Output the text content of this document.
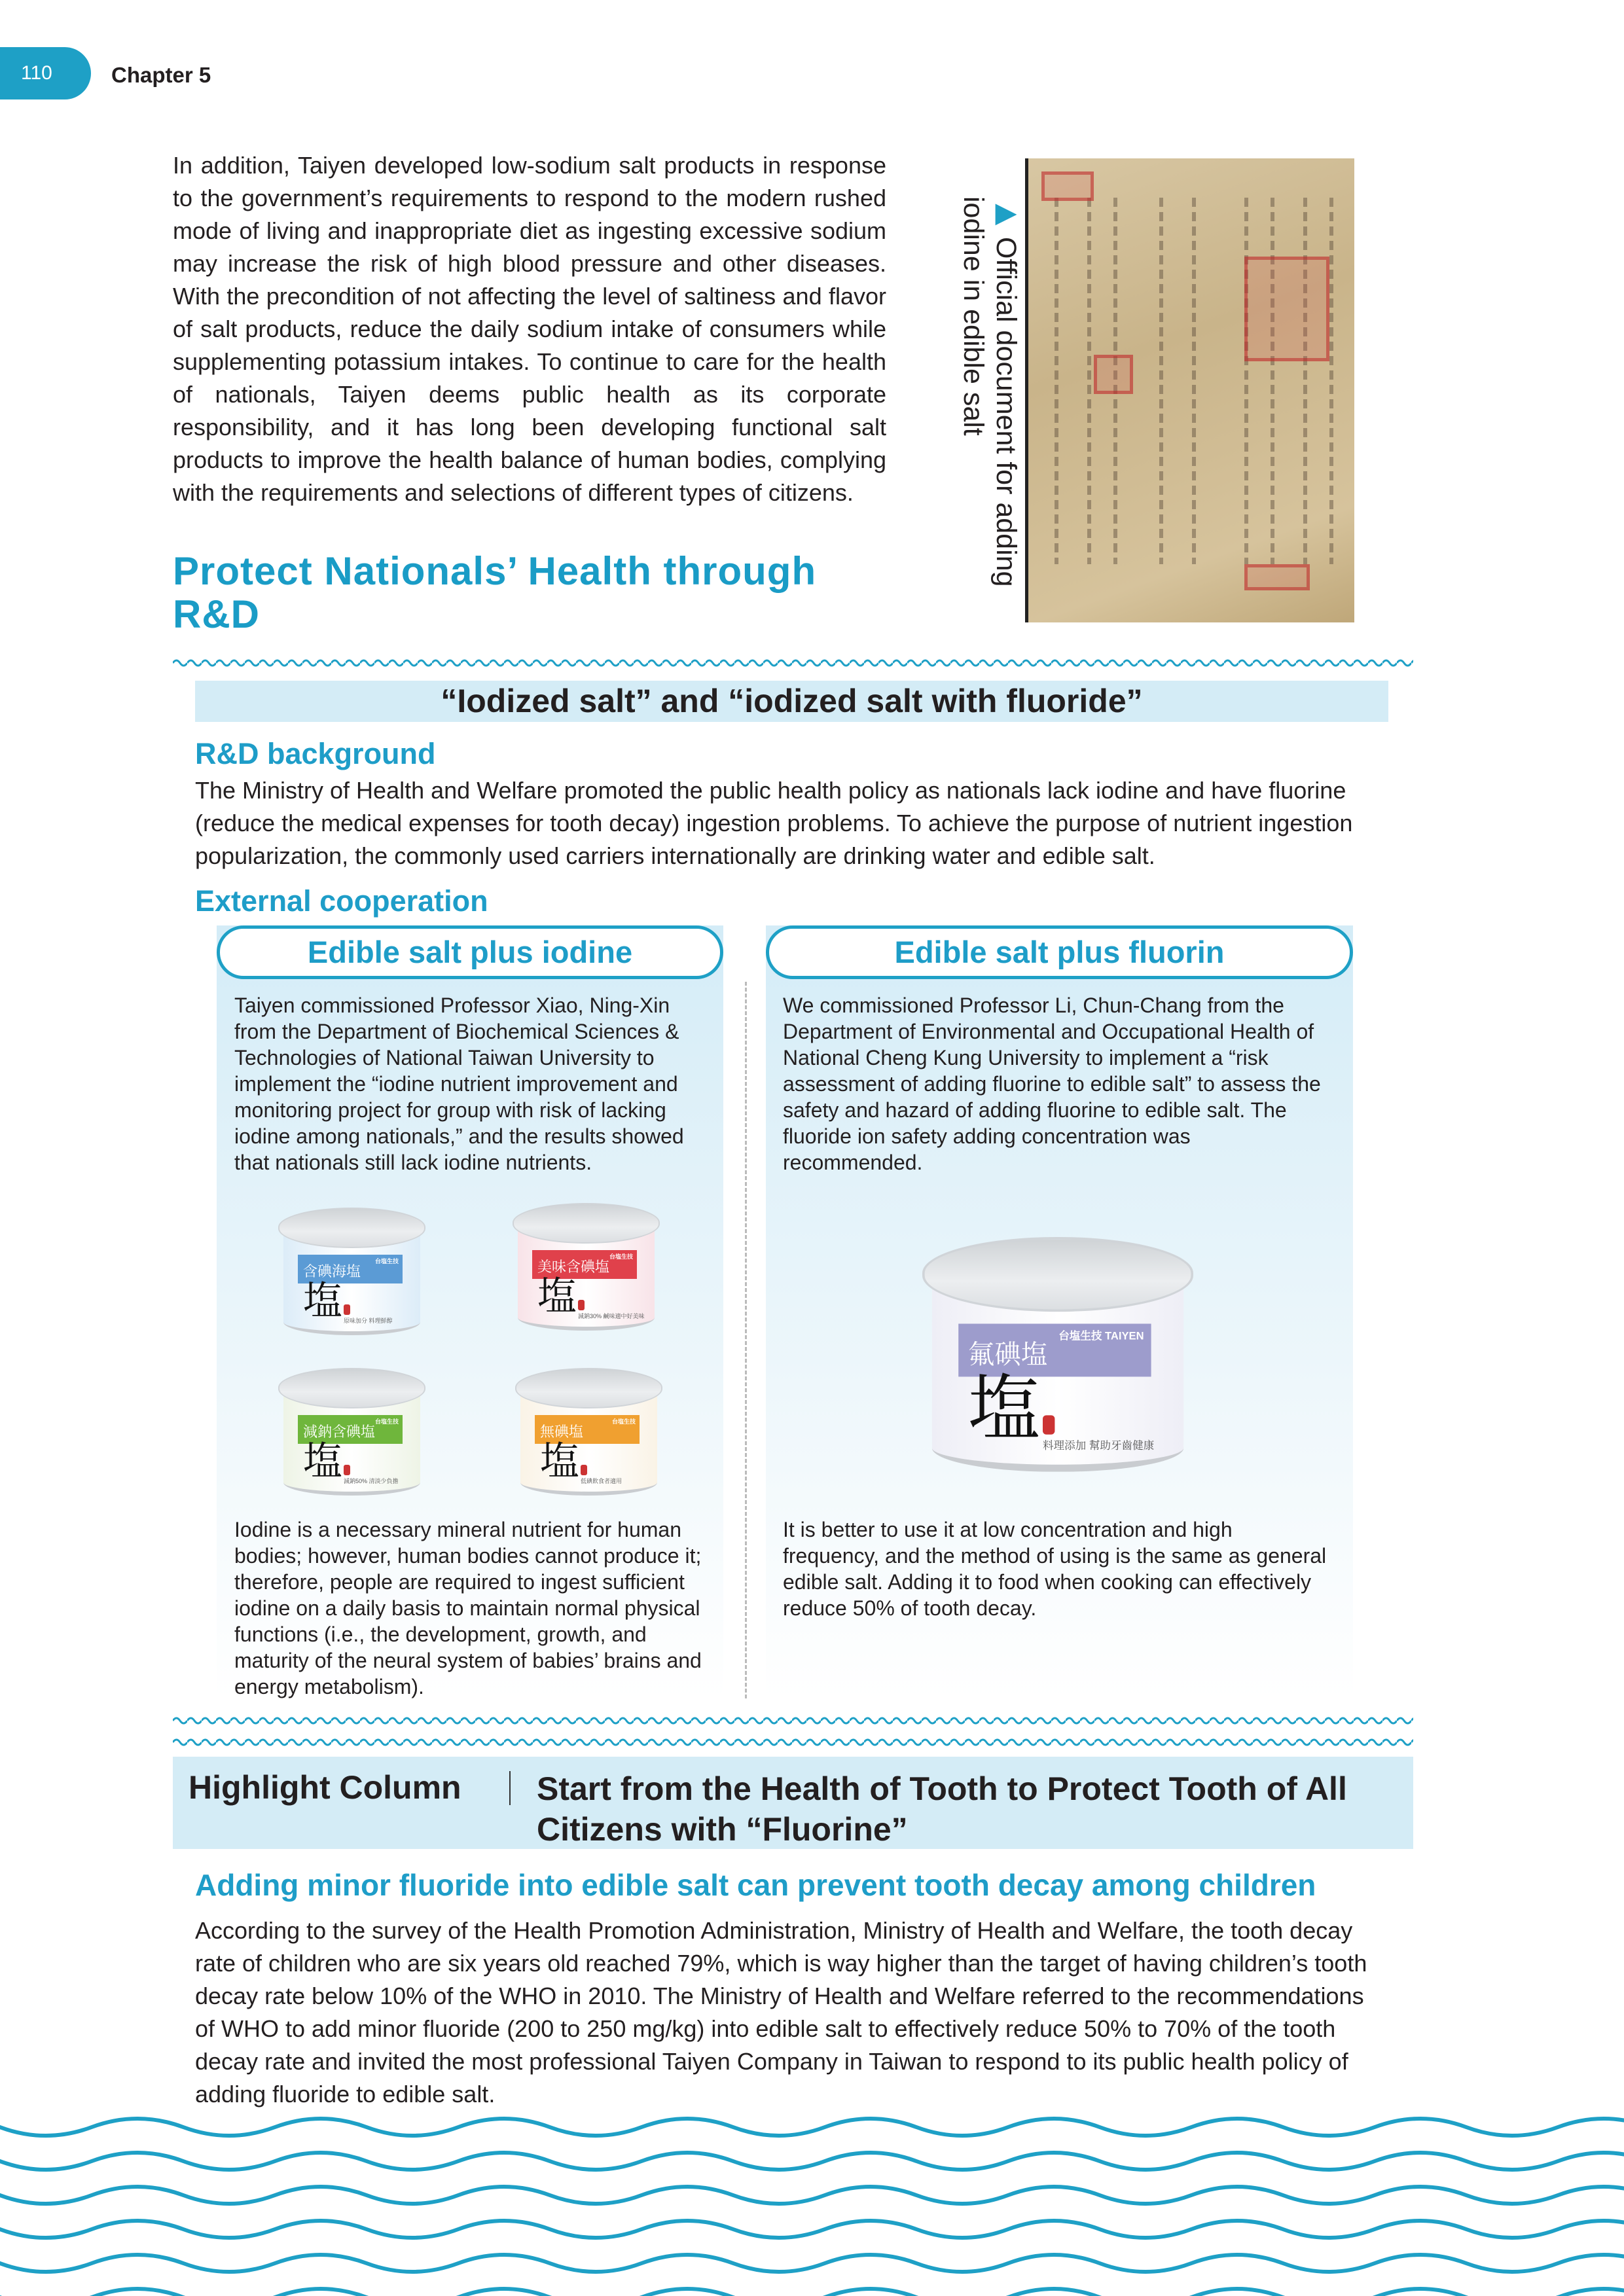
110	Chapter 5

In addition, Taiyen developed low-sodium salt products in response to the government’s requirements to respond to the modern rushed mode of living and inappropriate diet as ingesting excessive sodium may increase the risk of high blood pressure and other diseases. With the precondition of not affecting the level of saltiness and flavor of salt products, reduce the daily sodium intake of consumers while supplementing potassium intakes. To continue to care for the health of nationals, Taiyen deems public health as its corporate responsibility, and it has long been developing functional salt products to improve the health balance of human bodies, complying with the requirements and selections of different types of citizens.

Protect Nationals’ Health through R&D
▶ Official document for adding iodine in edible salt
“Iodized salt” and “iodized salt with fluoride”
R&D background

The Ministry of Health and Welfare promoted the public health policy as nationals lack iodine and have fluorine (reduce the medical expenses for tooth decay) ingestion problems. To achieve the purpose of nutrient ingestion popularization, the commonly used carriers internationally are drinking water and edible salt.

External cooperation
Edible salt plus iodine	Edible salt plus fluorin

Taiyen commissioned Professor Xiao, Ning-Xin from the Department of Biochemical Sciences & Technologies of National Taiwan University to implement the “iodine nutrient improvement and monitoring project for group with risk of lacking iodine among nationals,” and the results showed that nationals still lack iodine nutrients.

Iodine is a necessary mineral nutrient for human bodies; however, human bodies cannot produce it; therefore, people are required to ingest sufficient iodine on a daily basis to maintain normal physical functions (i.e., the development, growth, and maturity of the neural system of babies’ brains and energy metabolism).

We commissioned Professor Li, Chun-Chang from the Department of Environmental and Occupational Health of National Cheng Kung University to implement a “risk assessment of adding fluorine to edible salt” to assess the safety and hazard of adding fluorine to edible salt. The fluoride ion safety adding concentration was recommended.

It is better to use it at low concentration and high frequency, and the method of using is the same as general edible salt. Adding it to food when cooking can effectively reduce 50% of tooth decay.

台塩生技
含碘海塩
塩 原味加分 料理鮮醇
台塩生技
美味含碘塩
塩 減鈉30% 鹹味適中好美味
台塩生技
減鈉含碘塩
塩 減鈉50% 清淡少負擔
台塩生技
無碘塩
塩 低碘飲食者適用
台塩生技 TAIYEN
氟碘塩
塩 料理添加 幫助牙齒健康
Highlight Column Start from the Health of Tooth to Protect Tooth of All Citizens with “Fluorine”
Adding minor fluoride into edible salt can prevent tooth decay among children

According to the survey of the Health Promotion Administration, Ministry of Health and Welfare, the tooth decay rate of children who are six years old reached 79%, which is way higher than the target of having children’s tooth decay rate below 10% of the WHO in 2010. The Ministry of Health and Welfare referred to the recommendations of WHO to add minor fluoride (200 to 250 mg/kg) into edible salt to effectively reduce 50% to 70% of the tooth decay rate and invited the most professional Taiyen Company in Taiwan to respond to its public health policy of adding fluoride to edible salt.
